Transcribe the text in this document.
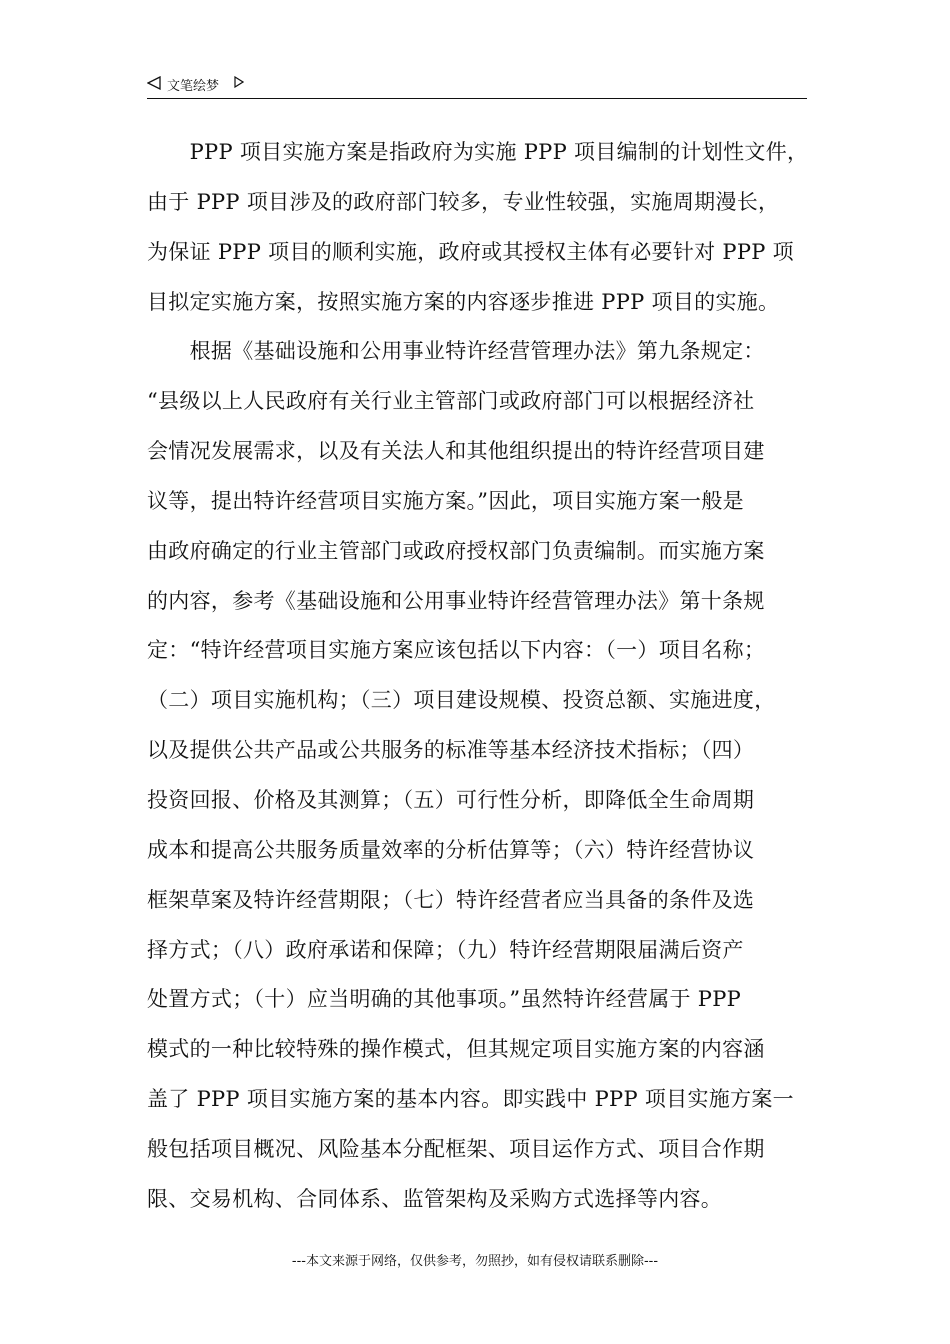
文笔绘梦
　　PPP 项目实施方案是指政府为实施 PPP 项目编制的计划性文件，
由于 PPP 项目涉及的政府部门较多，专业性较强，实施周期漫长，
为保证 PPP 项目的顺利实施，政府或其授权主体有必要针对 PPP 项
目拟定实施方案，按照实施方案的内容逐步推进 PPP 项目的实施。
　　根据《基础设施和公用事业特许经营管理办法》第九条规定：
“县级以上人民政府有关行业主管部门或政府部门可以根据经济社
会情况发展需求，以及有关法人和其他组织提出的特许经营项目建
议等，提出特许经营项目实施方案。”因此，项目实施方案一般是
由政府确定的行业主管部门或政府授权部门负责编制。而实施方案
的内容，参考《基础设施和公用事业特许经营管理办法》第十条规
定：“特许经营项目实施方案应该包括以下内容：（一）项目名称；
（二）项目实施机构；（三）项目建设规模、投资总额、实施进度，
以及提供公共产品或公共服务的标准等基本经济技术指标；（四）
投资回报、价格及其测算；（五）可行性分析，即降低全生命周期
成本和提高公共服务质量效率的分析估算等；（六）特许经营协议
框架草案及特许经营期限；（七）特许经营者应当具备的条件及选
择方式；（八）政府承诺和保障；（九）特许经营期限届满后资产
处置方式；（十）应当明确的其他事项。”虽然特许经营属于 PPP
模式的一种比较特殊的操作模式，但其规定项目实施方案的内容涵
盖了 PPP 项目实施方案的基本内容。即实践中 PPP 项目实施方案一
般包括项目概况、风险基本分配框架、项目运作方式、项目合作期
限、交易机构、合同体系、监管架构及采购方式选择等内容。
---本文来源于网络，仅供参考，勿照抄，如有侵权请联系删除---
